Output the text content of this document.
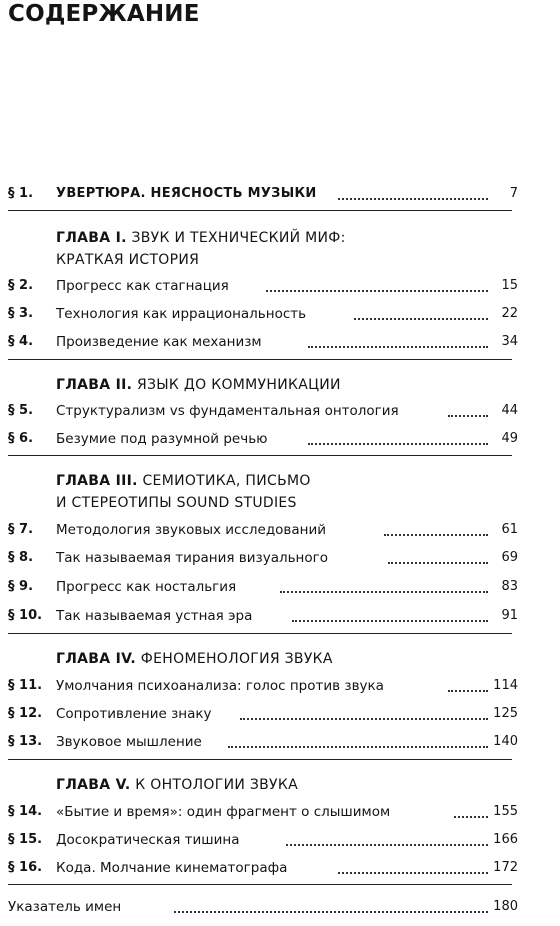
СОДЕРЖАНИЕ
§ 1. УВЕРТЮРА. НЕЯСНОСТЬ МУЗЫКИ	7
ГЛАВА I. ЗВУК И ТЕХНИЧЕСКИЙ МИФ:
КРАТКАЯ ИСТОРИЯ
§ 2. Прогресс как стагнация	15
§ 3. Технология как иррациональность	22
§ 4. Произведение как механизм	34
ГЛАВА II. ЯЗЫК ДО КОММУНИКАЦИИ
§ 5. Структурализм vs фундаментальная онтология	44
§ 6. Безумие под разумной речью	49
ГЛАВА III. СЕМИОТИКА, ПИСЬМО
И СТЕРЕОТИПЫ SOUND STUDIES
§ 7. Методология звуковых исследований	61
§ 8. Так называемая тирания визуального	69
§ 9. Прогресс как ностальгия	83
§ 10. Так называемая устная эра	91
ГЛАВА IV. ФЕНОМЕНОЛОГИЯ ЗВУКА
§ 11. Умолчания психоанализа: голос против звука	114
§ 12. Сопротивление знаку	125
§ 13. Звуковое мышление	140
ГЛАВА V. К ОНТОЛОГИИ ЗВУКА
§ 14. «Бытие и время»: один фрагмент о слышимом	155
§ 15. Досократическая тишина	166
§ 16. Кода. Молчание кинематографа	172
Указатель имен	180
